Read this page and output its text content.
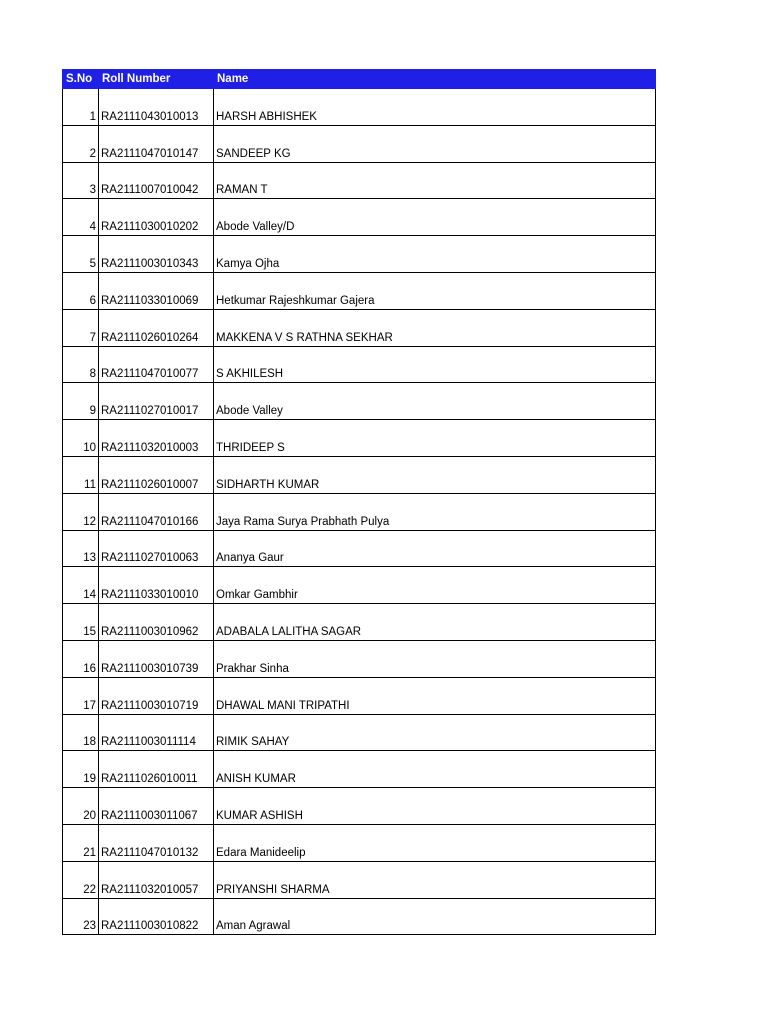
S.No	Roll Number	Name
1	RA2111043010013	HARSH ABHISHEK
2	RA2111047010147	SANDEEP KG
3	RA2111007010042	RAMAN T
4	RA2111030010202	Abode Valley/D
5	RA2111003010343	Kamya Ojha
6	RA2111033010069	Hetkumar Rajeshkumar Gajera
7	RA2111026010264	MAKKENA V S RATHNA SEKHAR
8	RA2111047010077	S AKHILESH
9	RA2111027010017	Abode Valley
10	RA2111032010003	THRIDEEP S
11	RA2111026010007	SIDHARTH KUMAR
12	RA2111047010166	Jaya Rama Surya Prabhath Pulya
13	RA2111027010063	Ananya Gaur
14	RA2111033010010	Omkar Gambhir
15	RA2111003010962	ADABALA LALITHA SAGAR
16	RA2111003010739	Prakhar Sinha
17	RA2111003010719	DHAWAL MANI TRIPATHI
18	RA2111003011114	RIMIK SAHAY
19	RA2111026010011	ANISH KUMAR
20	RA2111003011067	KUMAR ASHISH
21	RA2111047010132	Edara Manideelip
22	RA2111032010057	PRIYANSHI SHARMA
23	RA2111003010822	Aman Agrawal
